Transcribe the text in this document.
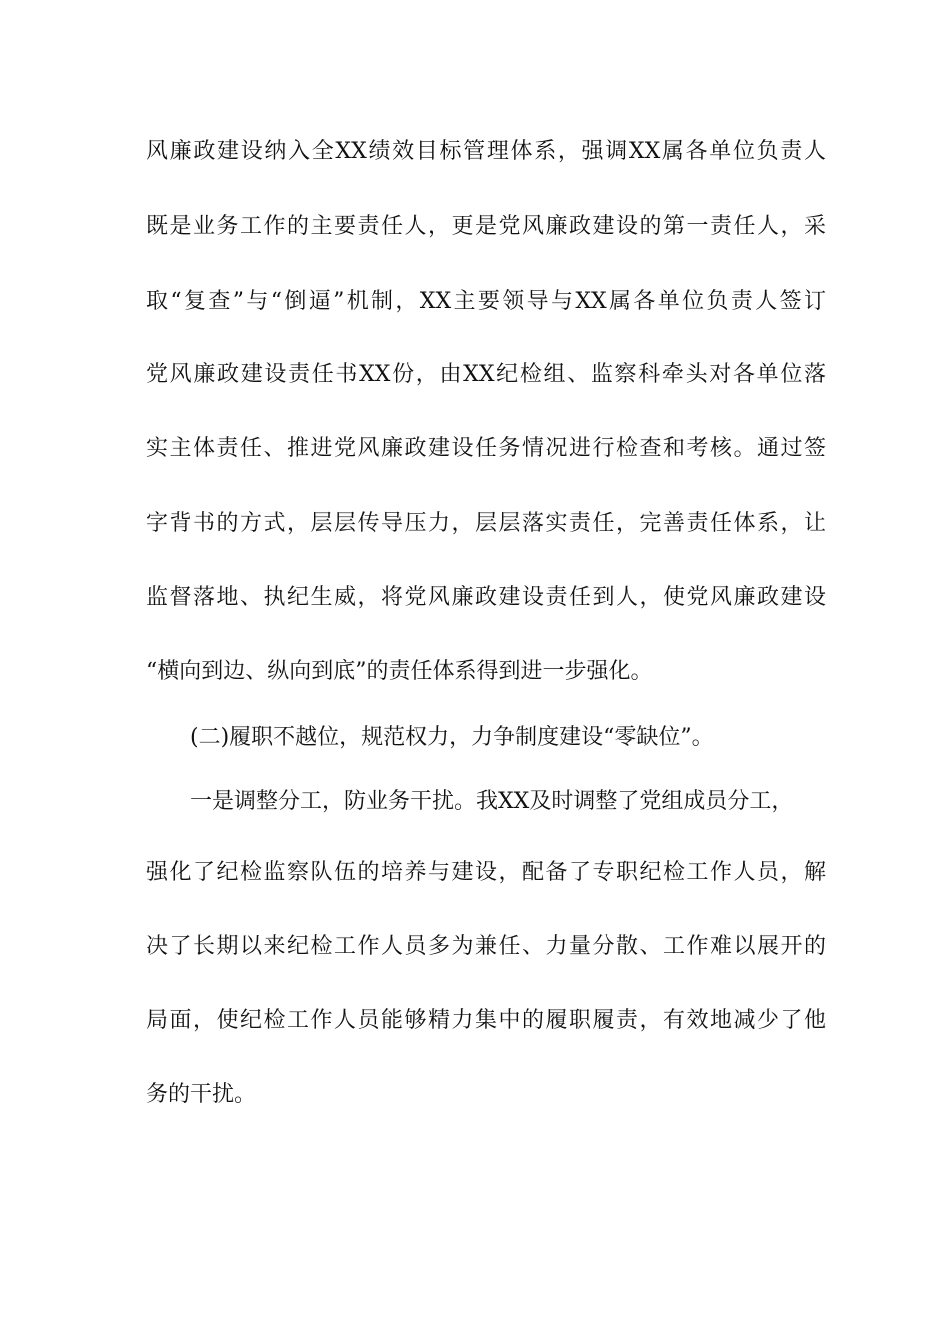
风廉政建设纳入全XX绩效目标管理体系，强调XX属各单位负责人
既是业务工作的主要责任人，更是党风廉政建设的第一责任人，采
取“复查”与“倒逼”机制，XX主要领导与XX属各单位负责人签订
党风廉政建设责任书XX份，由XX纪检组、监察科牵头对各单位落
实主体责任、推进党风廉政建设任务情况进行检查和考核。通过签
字背书的方式，层层传导压力，层层落实责任，完善责任体系，让
监督落地、执纪生威，将党风廉政建设责任到人，使党风廉政建设
“横向到边、纵向到底”的责任体系得到进一步强化。
(二)履职不越位，规范权力，力争制度建设“零缺位”。
一是调整分工，防业务干扰。我XX及时调整了党组成员分工，
强化了纪检监察队伍的培养与建设，配备了专职纪检工作人员，解
决了长期以来纪检工作人员多为兼任、力量分散、工作难以展开的
局面，使纪检工作人员能够精力集中的履职履责，有效地减少了他
务的干扰。
